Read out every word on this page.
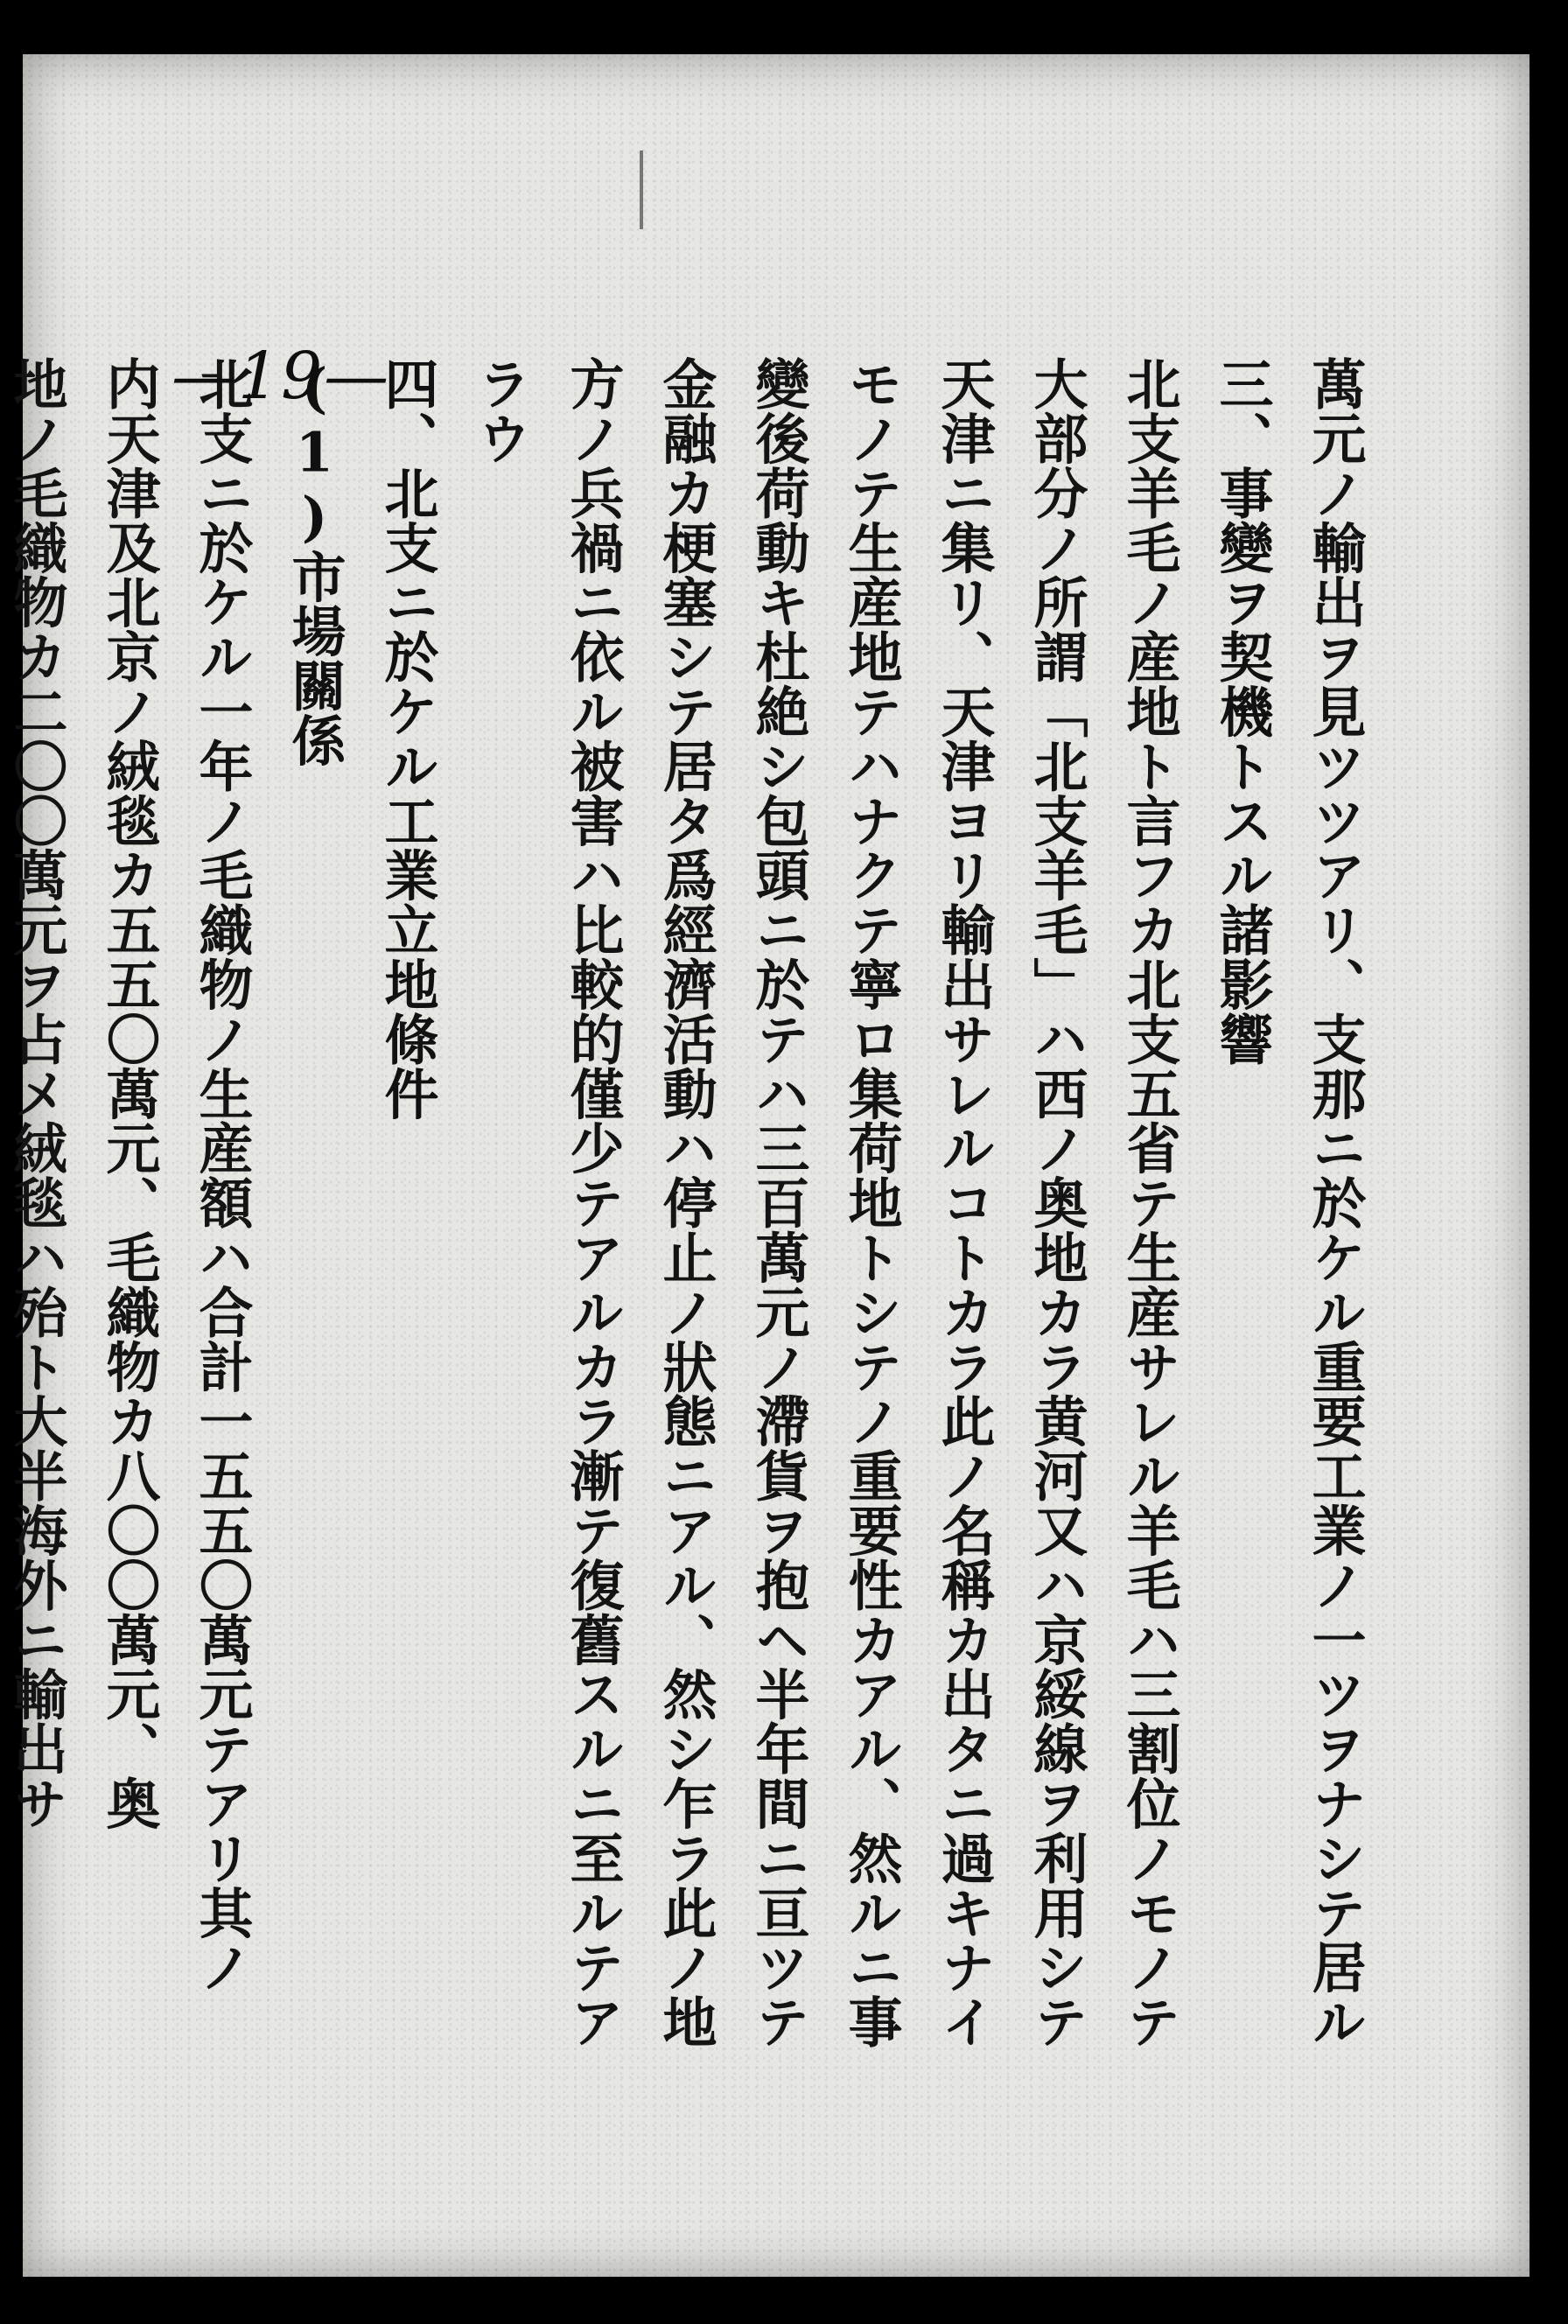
萬元ノ輸出ヲ見ツツアリ、支那ニ於ケル重要工業ノ一ツヲナシテ居ル
三、事變ヲ契機トスル諸影響
北支羊毛ノ産地ト言フカ北支五省テ生産サレル羊毛ハ三割位ノモノテ
大部分ノ所謂「北支羊毛」ハ西ノ奥地カラ黄河又ハ京綏線ヲ利用シテ
天津ニ集リ、天津ヨリ輸出サレルコトカラ此ノ名稱カ出タニ過キナイ
モノテ生産地テハナクテ寧ロ集荷地トシテノ重要性カアル、然ルニ事
變後荷動キ杜絶シ包頭ニ於テハ三百萬元ノ滯貨ヲ抱ヘ半年間ニ亘ツテ
金融カ梗塞シテ居タ爲經濟活動ハ停止ノ狀態ニアル、然シ乍ラ此ノ地
方ノ兵禍ニ依ル被害ハ比較的僅少テアルカラ漸テ復舊スルニ至ルテア
ラウ
四、北支ニ於ケル工業立地條件
(1)市場關係
北支ニ於ケル一年ノ毛織物ノ生産額ハ合計一五五〇萬元テアリ其ノ
内天津及北京ノ絨毯カ五五〇萬元、毛織物カ八〇〇萬元、奥
地ノ毛織物カ二〇〇萬元ヲ占メ絨毯ハ殆ト大半海外ニ輸出サ —19—
